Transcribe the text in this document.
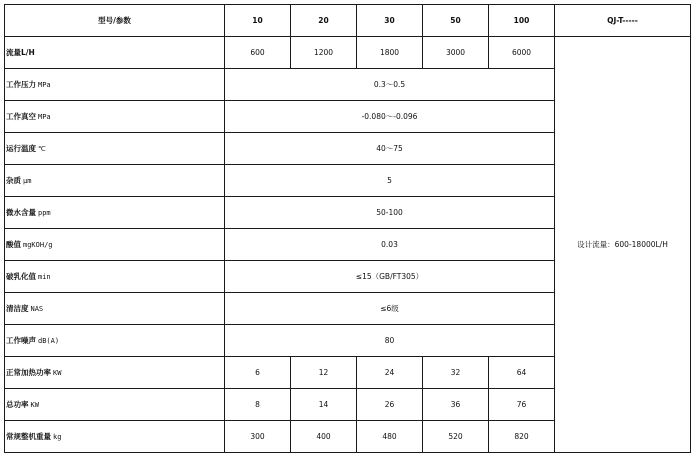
型号/参数	10	20	30	50	100	QJ-T-----
流量L/H	600	1200	1800	3000	6000	设计流量：600-18000L/H
工作压力 MPa	0.3～0.5					
工作真空 MPa	-0.080～-0.096					
运行温度 ℃	40～75					
杂质 μm	5					
微水含量 ppm	50-100					
酸值 mgKOH/g	0.03					
破乳化值 min	≤15（GB/FT305）					
清洁度 NAS	≤6级					
工作噪声 dB(A)	80					
正常加热功率 KW	6	12	24	32	64	
总功率 KW	8	14	26	36	76	
常规整机重量 kg	300	400	480	520	820	
